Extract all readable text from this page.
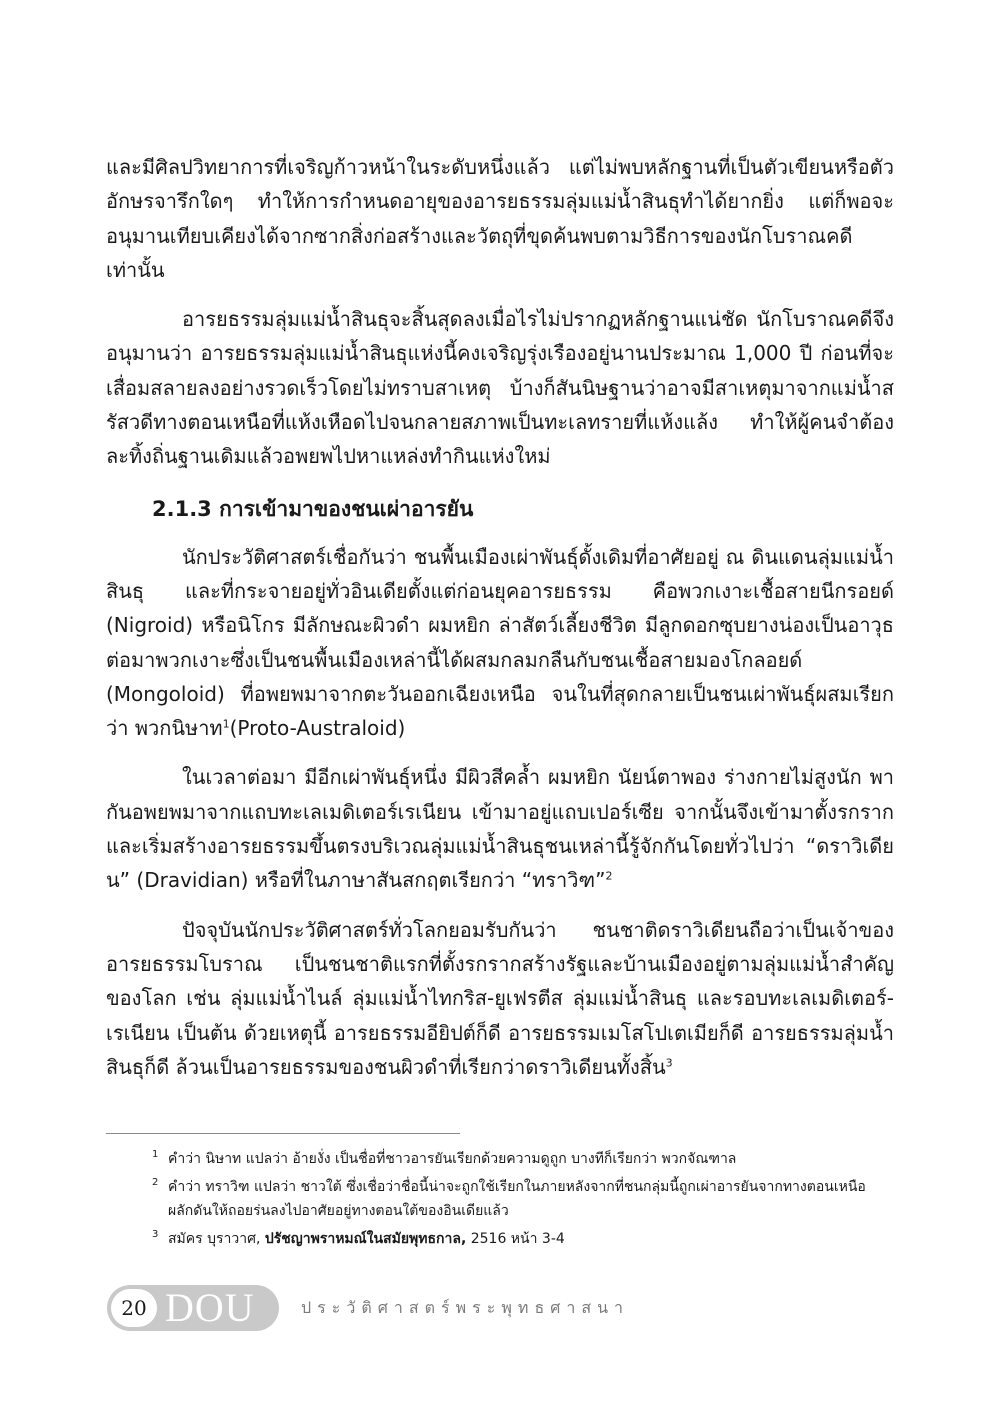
และมีศิลปวิทยาการที่เจริญก้าวหน้าในระดับหนึ่งแล้ว แต่ไม่พบหลักฐานที่เป็นตัวเขียนหรือตัวอักษรจารึกใดๆ ทำให้การกำหนดอายุของอารยธรรมลุ่มแม่น้ำสินธุทำได้ยากยิ่ง แต่ก็พอจะอนุมานเทียบเคียงได้จากซากสิ่งก่อสร้างและวัตถุที่ขุดค้นพบตามวิธีการของนักโบราณคดีเท่านั้น

อารยธรรมลุ่มแม่น้ำสินธุจะสิ้นสุดลงเมื่อไรไม่ปรากฏหลักฐานแน่ชัด นักโบราณคดีจึงอนุมานว่า อารยธรรมลุ่มแม่น้ำสินธุแห่งนี้คงเจริญรุ่งเรืองอยู่นานประมาณ 1,000 ปี ก่อนที่จะเสื่อมสลายลงอย่างรวดเร็วโดยไม่ทราบสาเหตุ บ้างก็สันนิษฐานว่าอาจมีสาเหตุมาจากแม่น้ำสรัสวดีทางตอนเหนือที่แห้งเหือดไปจนกลายสภาพเป็นทะเลทรายที่แห้งแล้ง ทำให้ผู้คนจำต้องละทิ้งถิ่นฐานเดิมแล้วอพยพไปหาแหล่งทำกินแห่งใหม่

2.1.3 การเข้ามาของชนเผ่าอารยัน

นักประวัติศาสตร์เชื่อกันว่า ชนพื้นเมืองเผ่าพันธุ์ดั้งเดิมที่อาศัยอยู่ ณ ดินแดนลุ่มแม่น้ำสินธุ และที่กระจายอยู่ทั่วอินเดียตั้งแต่ก่อนยุคอารยธรรม คือพวกเงาะเชื้อสายนีกรอยด์ (Nigroid) หรือนิโกร มีลักษณะผิวดำ ผมหยิก ล่าสัตว์เลี้ยงชีวิต มีลูกดอกซุบยางน่องเป็นอาวุธต่อมาพวกเงาะซึ่งเป็นชนพื้นเมืองเหล่านี้ได้ผสมกลมกลืนกับชนเชื้อสายมองโกลอยด์ (Mongoloid) ที่อพยพมาจากตะวันออกเฉียงเหนือ จนในที่สุดกลายเป็นชนเผ่าพันธุ์ผสมเรียกว่า พวกนิษาท$^1$(Proto-Australoid)

ในเวลาต่อมา มีอีกเผ่าพันธุ์หนึ่ง มีผิวสีคล้ำ ผมหยิก นัยน์ตาพอง ร่างกายไม่สูงนัก พากันอพยพมาจากแถบทะเลเมดิเตอร์เรเนียน เข้ามาอยู่แถบเปอร์เซีย จากนั้นจึงเข้ามาตั้งรกรากและเริ่มสร้างอารยธรรมขึ้นตรงบริเวณลุ่มแม่น้ำสินธุชนเหล่านี้รู้จักกันโดยทั่วไปว่า “ดราวิเดียน” (Dravidian) หรือที่ในภาษาสันสกฤตเรียกว่า “ทราวิฑ”$^2$

ปัจจุบันนักประวัติศาสตร์ทั่วโลกยอมรับกันว่า ชนชาติดราวิเดียนถือว่าเป็นเจ้าของอารยธรรมโบราณ เป็นชนชาติแรกที่ตั้งรกรากสร้างรัฐและบ้านเมืองอยู่ตามลุ่มแม่น้ำสำคัญของโลก เช่น ลุ่มแม่น้ำไนล์ ลุ่มแม่น้ำไทกริส-ยูเฟรตีส ลุ่มแม่น้ำสินธุ และรอบทะเลเมดิเตอร์-เรเนียน เป็นต้น ด้วยเหตุนี้ อารยธรรมอียิปต์ก็ดี อารยธรรมเมโสโปเตเมียก็ดี อารยธรรมลุ่มน้ำสินธุก็ดี ล้วนเป็นอารยธรรมของชนผิวดำที่เรียกว่าดราวิเดียนทั้งสิ้น$^3$

$^1$ คำว่า นิษาท แปลว่า อ้ายงั่ง เป็นชื่อที่ชาวอารยันเรียกด้วยความดูถูก บางทีก็เรียกว่า พวกจัณฑาล

$^2$ คำว่า ทราวิฑ แปลว่า ชาวใต้ ซึ่งเชื่อว่าชื่อนี้น่าจะถูกใช้เรียกในภายหลังจากที่ชนกลุ่มนี้ถูกเผ่าอารยันจากทางตอนเหนือ ผลักดันให้ถอยร่นลงไปอาศัยอยู่ทางตอนใต้ของอินเดียแล้ว

$^3$ สมัคร บุราวาศ, ปรัชญาพราหมณ์ในสมัยพุทธกาล, 2516 หน้า 3-4

20 DOU	ประวัติศาสตร์พระพุทธศาสนา
